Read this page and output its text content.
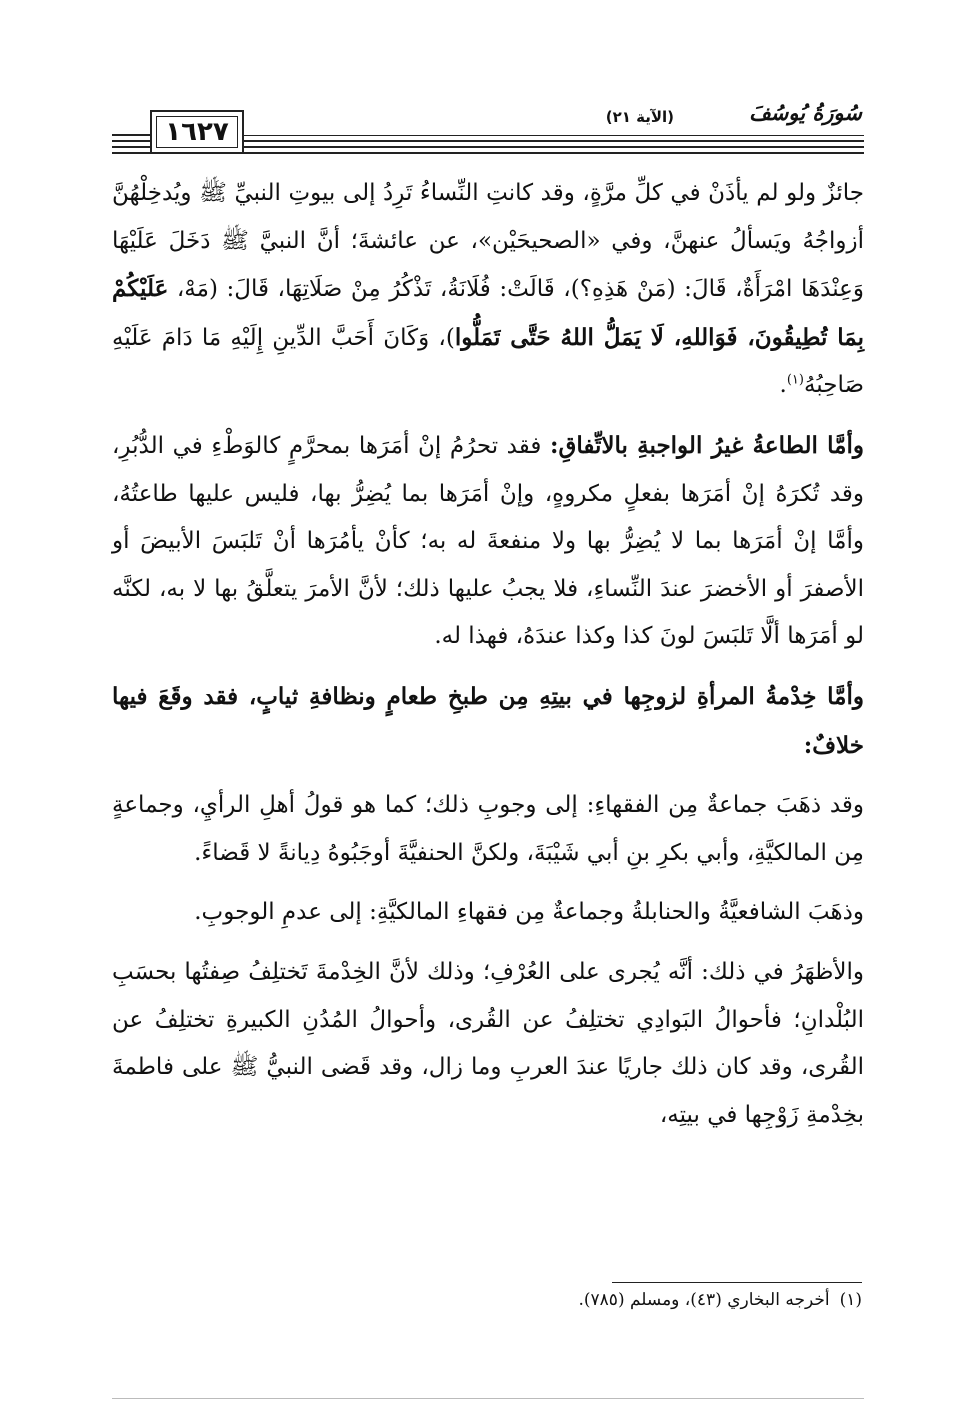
١٦٢٧
سُورَةُ يُوسُفَ
(الآية ٢١)

جائزٌ ولو لم يأذَنْ في كلِّ مرَّةٍ، وقد كانتِ النِّساءُ تَرِدُ إلى بيوتِ النبيِّ ﷺ ويُدخِلْهُنَّ أزواجُهُ ويَسألُ عنهنَّ، وفي «الصحيحَيْن»، عن عائشةَ؛ أنَّ النبيَّ ﷺ دَخَلَ عَلَيْهَا وَعِنْدَهَا امْرَأَةٌ، قَالَ: (مَنْ هَذِهِ؟)، قَالَتْ: فُلَانَةُ، تَذْكُرُ مِنْ صَلَاتِهَا، قَالَ: (مَهْ، عَلَيْكُمْ بِمَا تُطِيقُونَ، فَوَاللهِ، لَا يَمَلُّ اللهُ حَتَّى تَمَلُّوا)، وَكَانَ أَحَبَّ الدِّينِ إِلَيْهِ مَا دَامَ عَلَيْهِ صَاحِبُهُ$^{(١)}$.

وأمَّا الطاعةُ غيرُ الواجبةِ بالاتِّفاقِ: فقد تحرُمُ إنْ أمَرَها بمحرَّمٍ كالوَطْءِ في الدُّبُرِ، وقد تُكرَهُ إنْ أمَرَها بفعلٍ مكروهٍ، وإنْ أمَرَها بما يُضِرُّ بها، فليس عليها طاعتُهُ، وأمَّا إنْ أمَرَها بما لا يُضِرُّ بها ولا منفعةَ له به؛ كأنْ يأمُرَها أنْ تَلبَسَ الأبيضَ أو الأصفرَ أو الأخضرَ عندَ النِّساءِ، فلا يجبُ عليها ذلك؛ لأنَّ الأمرَ يتعلَّقُ بها لا به، لكنَّه لو أمَرَها ألَّا تَلبَسَ لونَ كذا وكذا عندَهُ، فهذا له.

وأمَّا خِدْمةُ المرأةِ لزوجِها في بيتِهِ مِن طبخِ طعامٍ ونظافةِ ثيابٍ، فقد وقَعَ فيها خلافٌ:

وقد ذهَبَ جماعةٌ مِن الفقهاءِ: إلى وجوبِ ذلك؛ كما هو قولُ أهلِ الرأيِ، وجماعةٍ مِن المالكيَّةِ، وأبي بكرِ بنِ أبي شَيْبَةَ، ولكنَّ الحنفيَّةَ أوجَبُوهُ دِيانةً لا قَضاءً.

وذهَبَ الشافعيَّةُ والحنابلةُ وجماعةٌ مِن فقهاءِ المالكيَّةِ: إلى عدمِ الوجوبِ.

والأظهَرُ في ذلك: أنَّه يُجرى على العُرْفِ؛ وذلك لأنَّ الخِدْمةَ تَختلِفُ صِفتُها بحسَبِ البُلْدانِ؛ فأحوالُ البَوادِي تختلِفُ عن القُرى، وأحوالُ المُدُنِ الكبيرةِ تختلِفُ عن القُرى، وقد كان ذلك جاريًا عندَ العربِ وما زال، وقد قَضى النبيُّ ﷺ على فاطمةَ بخِدْمةِ زَوْجِها في بيتِه،

(١)أخرجه البخاري (٤٣)، ومسلم (٧٨٥).
